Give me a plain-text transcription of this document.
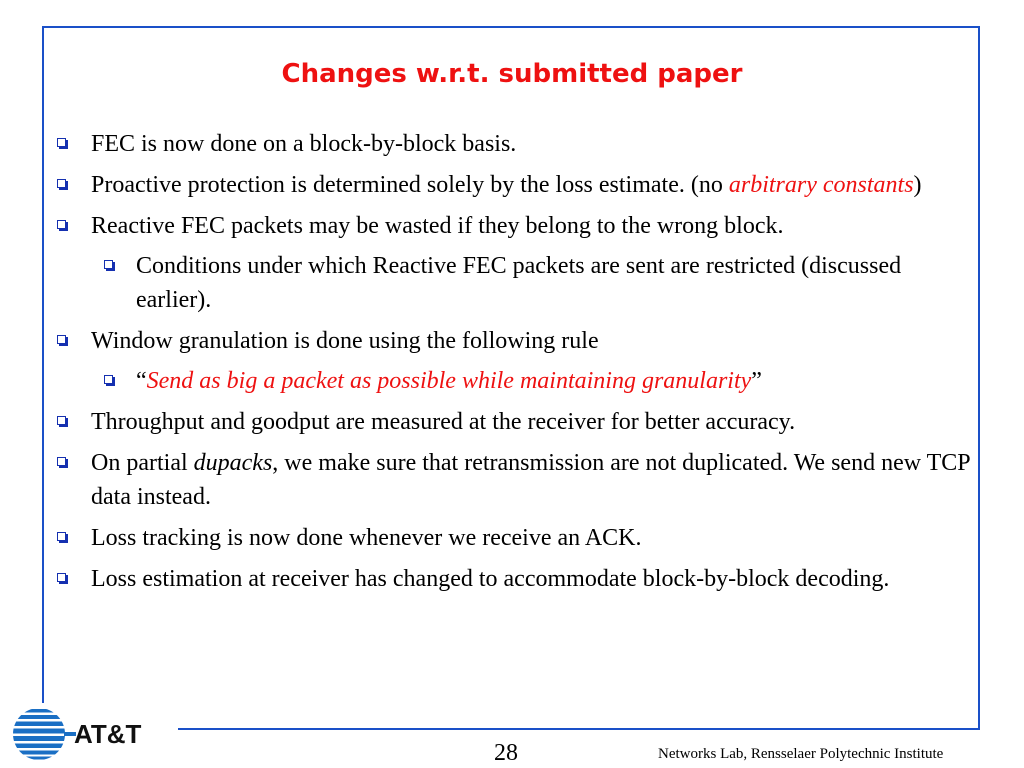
Changes w.r.t. submitted paper
FEC is now done on a block-by-block basis.
Proactive protection is determined solely by the loss estimate. (no arbitrary constants)
Reactive FEC packets may be wasted if they belong to the wrong block.
Conditions under which Reactive FEC packets are sent are restricted (discussed earlier).
Window granulation is done using the following rule
“Send as big a packet as possible while maintaining granularity”
Throughput and goodput are measured at the receiver for better accuracy.
On partial dupacks, we make sure that retransmission are not duplicated. We send new TCP data instead.
Loss tracking is now done whenever we receive an ACK.
Loss estimation at receiver has changed to accommodate block-by-block decoding.
AT&T
28	Networks Lab, Rensselaer Polytechnic Institute
